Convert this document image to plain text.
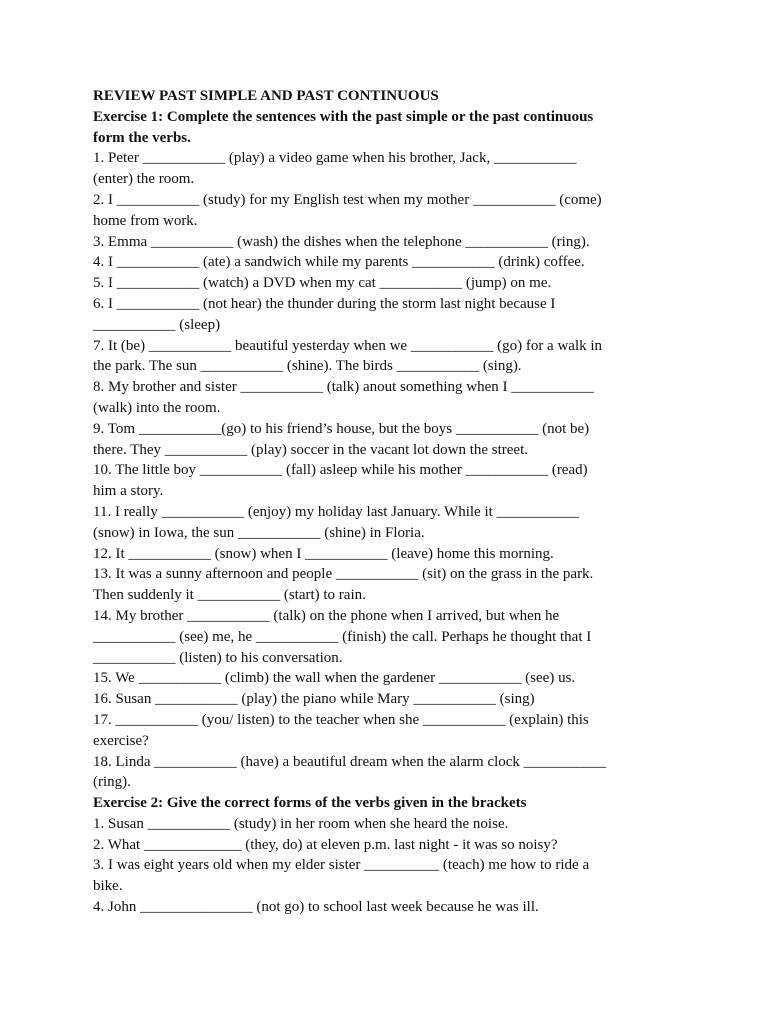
REVIEW PAST SIMPLE AND PAST CONTINUOUS
Exercise 1: Complete the sentences with the past simple or the past continuous
form the verbs.
1. Peter ___________ (play) a video game when his brother, Jack, ___________
(enter) the room.
2. I ___________ (study) for my English test when my mother ___________ (come)
home from work.
3. Emma ___________ (wash) the dishes when the telephone ___________ (ring).
4. I ___________ (ate) a sandwich while my parents ___________ (drink) coffee.
5. I ___________ (watch) a DVD when my cat ___________ (jump) on me.
6. I ___________ (not hear) the thunder during the storm last night because I
___________ (sleep)
7. It (be) ___________ beautiful yesterday when we ___________ (go) for a walk in
the park. The sun ___________ (shine). The birds ___________ (sing).
8. My brother and sister ___________ (talk) anout something when I ___________
(walk) into the room.
9. Tom ___________(go) to his friend’s house, but the boys ___________ (not be)
there. They ___________ (play) soccer in the vacant lot down the street.
10. The little boy ___________ (fall) asleep while his mother ___________ (read)
him a story.
11. I really ___________ (enjoy) my holiday last January. While it ___________
(snow) in Iowa, the sun ___________ (shine) in Floria.
12. It ___________ (snow) when I ___________ (leave) home this morning.
13. It was a sunny afternoon and people ___________ (sit) on the grass in the park.
Then suddenly it ___________ (start) to rain.
14. My brother ___________ (talk) on the phone when I arrived, but when he
___________ (see) me, he ___________ (finish) the call. Perhaps he thought that I
___________ (listen) to his conversation.
15. We ___________ (climb) the wall when the gardener ___________ (see) us.
16. Susan ___________ (play) the piano while Mary ___________ (sing)
17. ___________ (you/ listen) to the teacher when she ___________ (explain) this
exercise?
18. Linda ___________ (have) a beautiful dream when the alarm clock ___________
(ring).
Exercise 2: Give the correct forms of the verbs given in the brackets
1. Susan ___________ (study) in her room when she heard the noise.
2. What _____________ (they, do) at eleven p.m. last night - it was so noisy?
3. I was eight years old when my elder sister __________ (teach) me how to ride a
bike.
4. John _______________ (not go) to school last week because he was ill.
